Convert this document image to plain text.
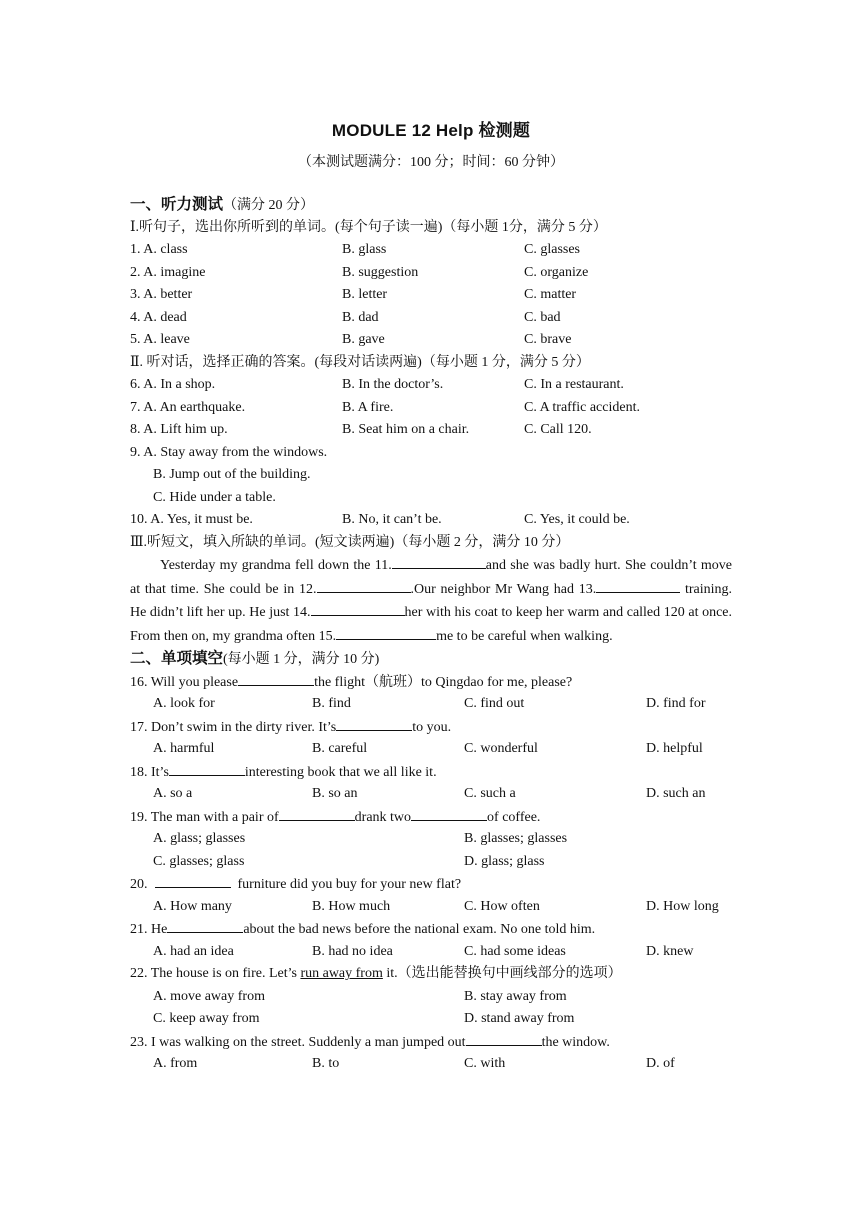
MODULE 12 Help 检测题
（本测试题满分：100 分；时间：60 分钟）
一、听力测试（满分 20 分）
Ⅰ.听句子，选出你所听到的单词。(每个句子读一遍)（每小题 1分，满分 5 分）
1. A. class	B. glass	C. glasses
2. A. imagine	B. suggestion	C. organize
3. A. better	B. letter	C. matter
4. A. dead	B. dad	C. bad
5. A. leave	B. gave	C. brave
Ⅱ. 听对话，选择正确的答案。(每段对话读两遍)（每小题 1 分，满分 5 分）
6. A. In a shop.	B. In the doctor’s.	C. In a restaurant.
7. A. An earthquake.	B. A fire.	C. A traffic accident.
8. A. Lift him up.	B. Seat him on a chair.	C. Call 120.
9. A. Stay away from the windows.
B. Jump out of the building.
C. Hide under a table.
10. A. Yes, it must be.	B. No, it can’t be.	C. Yes, it could be.
Ⅲ.听短文，填入所缺的单词。(短文读两遍)（每小题 2 分，满分 10 分）
Yesterday my grandma fell down the 11.	and she was badly hurt. She couldn’t move at that time. She could be in 12.	.Our neighbor Mr Wang had 13.	training. He didn’t lift her up. He just 14.	her with his coat to keep her warm and called 120 at once. From then on, my grandma often 15.	me to be careful when walking.
二、单项填空(每小题 1 分，满分 10 分)
16. Will you please	the flight（航班）to Qingdao for me, please?
A. look for	B. find	C. find out	D. find for
17. Don’t swim in the dirty river. It’s	to you.
A. harmful	B. careful	C. wonderful	D. helpful
18. It’s	interesting book that we all like it.
A. so a	B. so an	C. such a	D. such an
19. The man with a pair of	drank two	of coffee.
A. glass; glasses	B. glasses; glasses
C. glasses; glass	D. glass; glass
20.	furniture did you buy for your new flat?
A. How many	B. How much	C. How often	D. How long
21. He	about the bad news before the national exam. No one told him.
A. had an idea	B. had no idea	C. had some ideas	D. knew
22. The house is on fire. Let’s run away from it.（选出能替换句中画线部分的选项）
A. move away from	B. stay away from
C. keep away from	D. stand away from
23. I was walking on the street. Suddenly a man jumped out	the window.
A. from	B. to	C. with	D. of
